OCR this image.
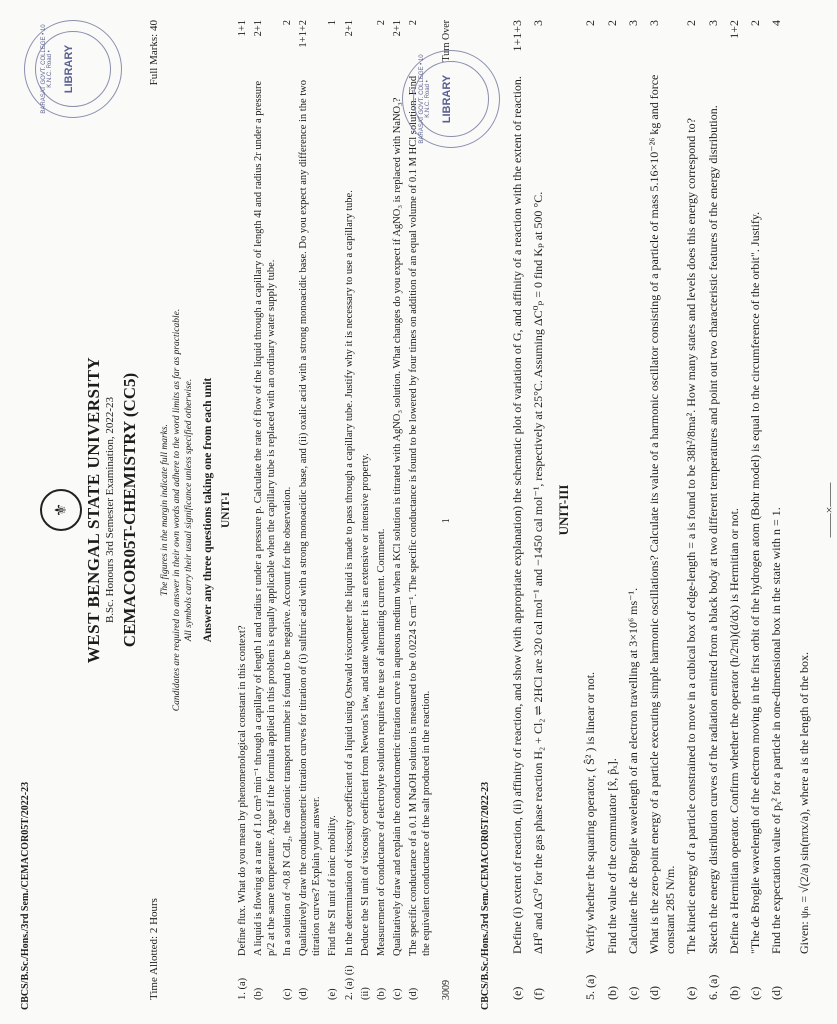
CBCS/B.Sc./Hons./3rd Sem./CEMACOR05T/2022-23
⚜ WEST BENGAL STATE UNIVERSITY B.Sc. Honours 3rd Semester Examination, 2022-23 CEMACOR05T-CHEMISTRY (CC5)
Time Allotted: 2 Hours
Full Marks: 40
The figures in the margin indicate full marks. Candidates are required to answer in their own words and adhere to the word limits as far as practicable. All symbols carry their usual significance unless specified otherwise. Answer any three questions taking one from each unit UNIT-I
1. (a)
Define flux. What do you mean by phenomenological constant in this context?
1+1
(b)
A liquid is flowing at a rate of 1.0 cm³ min⁻¹ through a capillary of length l and radius r under a pressure p. Calculate the rate of flow of the liquid through a capillary of length 4l and radius 2r under a pressure p/2 at the same temperature. Argue if the formula applied in this problem is equally applicable when the capillary tube is replaced with an ordinary water supply tube.
2+1
(c)
In a solution of ~0.8 N CdI₂, the cationic transport number is found to be negative. Account for the observation.
2
(d)
Qualitatively draw the conductometric titration curves for titration of (i) sulfuric acid with a strong monoacidic base, and (ii) oxalic acid with a strong monoacidic base. Do you expect any difference in the two titration curves? Explain your answer.
1+1+2
(e)
Find the SI unit of ionic mobility.
1
2. (a) (i)
In the determination of viscosity coefficient of a liquid using Ostwald viscometer the liquid is made to pass through a capillary tube. Justify why it is necessary to use a capillary tube.
2+1
(ii)
Deduce the SI unit of viscosity coefficient from Newton's law, and state whether it is an extensive or intensive property.
(b)
Measurement of conductance of electrolyte solution requires the use of alternating current. Comment.
2
(c)
Qualitatively draw and explain the conductometric titration curve in aqueous medium when a KCl solution is titrated with AgNO₃ solution. What changes do you expect if AgNO₃ is replaced with NaNO₃?
2+1
(d)
The specific conductance of a 0.1 M NaOH solution is measured to be 0.0224 S cm⁻¹. The specific conductance is found to be lowered by four times on addition of an equal volume of 0.1 M HCl solution. Find the equivalent conductance of the salt produced in the reaction.
2
3009
1
Turn Over
BARASAT GOVT. COLLEGE • 10 K.N.C. Road • LIBRARY
CBCS/B.Sc./Hons./3rd Sem./CEMACOR05T/2022-23 (e)
Define (i) extent of reaction, (ii) affinity of reaction, and show (with appropriate explanation) the schematic plot of variation of G, and affinity of a reaction with the extent of reaction.
1+1+3
(f)
ΔH⁰ and ΔG⁰ for the gas phase reaction H₂ + Cl₂ ⇌ 2HCl are 320 cal mol⁻¹ and −1450 cal mol⁻¹, respectively at 25°C. Assuming ΔC⁰ₚ = 0 find Kₚ at 500 °C.
3
UNIT-III
5. (a)
Verify whether the squaring operator, ( Ŝ² ) is linear or not.
2
(b)
Find the value of the commutator [x̂, p̂ₓ].
2
(c)
Calculate the de Broglie wavelength of an electron travelling at 3×10⁶ ms⁻¹.
3
(d)
What is the zero-point energy of a particle executing simple harmonic oscillations? Calculate its value of a harmonic oscillator consisting of a particle of mass 5.16×10⁻²⁶ kg and force constant 285 N/m.
3
(e)
The kinetic energy of a particle constrained to move in a cubical box of edge-length = a is found to be 38h²/8ma². How many states and levels does this energy correspond to?
2
6. (a)
Sketch the energy distribution curves of the radiation emitted from a black body at two different temperatures and point out two characteristic features of the energy distribution.
3
(b)
Define a Hermitian operator. Confirm whether the operator (h/2πi)(d/dx) is Hermitian or not.
1+2
(c)
"The de Broglie wavelength of the electron moving in the first orbit of the hydrogen atom (Bohr model) is equal to the circumference of the orbit". Justify.
2
(d)
Find the expectation value of pₓ² for a particle in one-dimensional box in the state with n = 1.
4
Given: ψₙ = √(2/a) sin(nπx/a), where a is the length of the box.
——×——
BARASAT GOVT. COLLEGE • 10 K.N.C. Road • LIBRARY
